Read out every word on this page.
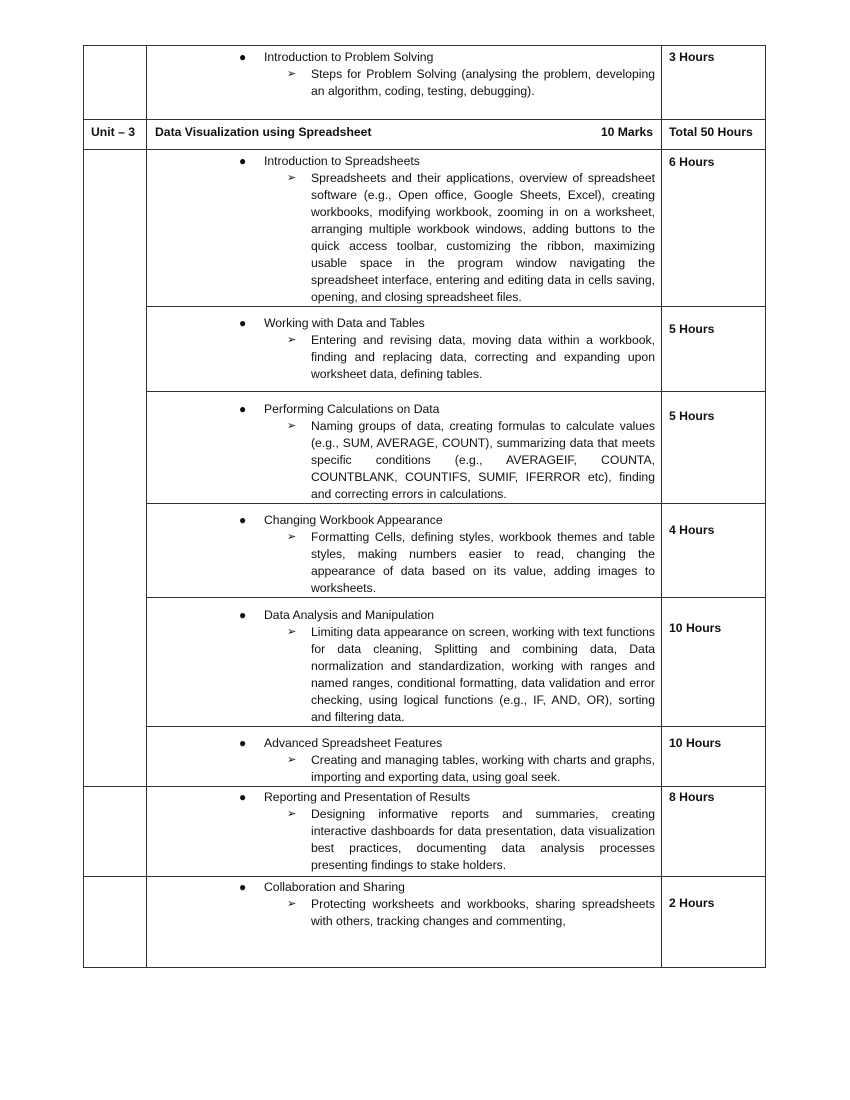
	● Introduction to Problem Solving
➢ Steps for Problem Solving (analysing the problem, developing an algorithm, coding, testing, debugging).	3 Hours
Unit – 3	Data Visualization using Spreadsheet 10 Marks	Total 50 Hours

	● Introduction to Spreadsheets
➢ Spreadsheets and their applications, overview of spreadsheet software (e.g., Open office, Google Sheets, Excel), creating workbooks, modifying workbook, zooming in on a worksheet, arranging multiple workbook windows, adding buttons to the quick access toolbar, customizing the ribbon, maximizing usable space in the program window navigating the spreadsheet interface, entering and editing data in cells saving, opening, and closing spreadsheet files.	6 Hours

	● Working with Data and Tables
➢ Entering and revising data, moving data within a workbook, finding and replacing data, correcting and expanding upon worksheet data, defining tables.	5 Hours

	● Performing Calculations on Data
➢ Naming groups of data, creating formulas to calculate values (e.g., SUM, AVERAGE, COUNT), summarizing data that meets specific conditions (e.g., AVERAGEIF, COUNTA, COUNTBLANK, COUNTIFS, SUMIF, IFERROR etc), finding and correcting errors in calculations.	5 Hours

	● Changing Workbook Appearance
➢ Formatting Cells, defining styles, workbook themes and table styles, making numbers easier to read, changing the appearance of data based on its value, adding images to worksheets.	4 Hours

	● Data Analysis and Manipulation
➢ Limiting data appearance on screen, working with text functions for data cleaning, Splitting and combining data, Data normalization and standardization, working with ranges and named ranges, conditional formatting, data validation and error checking, using logical functions (e.g., IF, AND, OR), sorting and filtering data.	10 Hours

	● Advanced Spreadsheet Features
➢ Creating and managing tables, working with charts and graphs, importing and exporting data, using goal seek.	10 Hours

	● Reporting and Presentation of Results
➢ Designing informative reports and summaries, creating interactive dashboards for data presentation, data visualization best practices, documenting data analysis processes presenting findings to stake holders.	8 Hours

	● Collaboration and Sharing
➢ Protecting worksheets and workbooks, sharing spreadsheets with others, tracking changes and commenting,	2 Hours
